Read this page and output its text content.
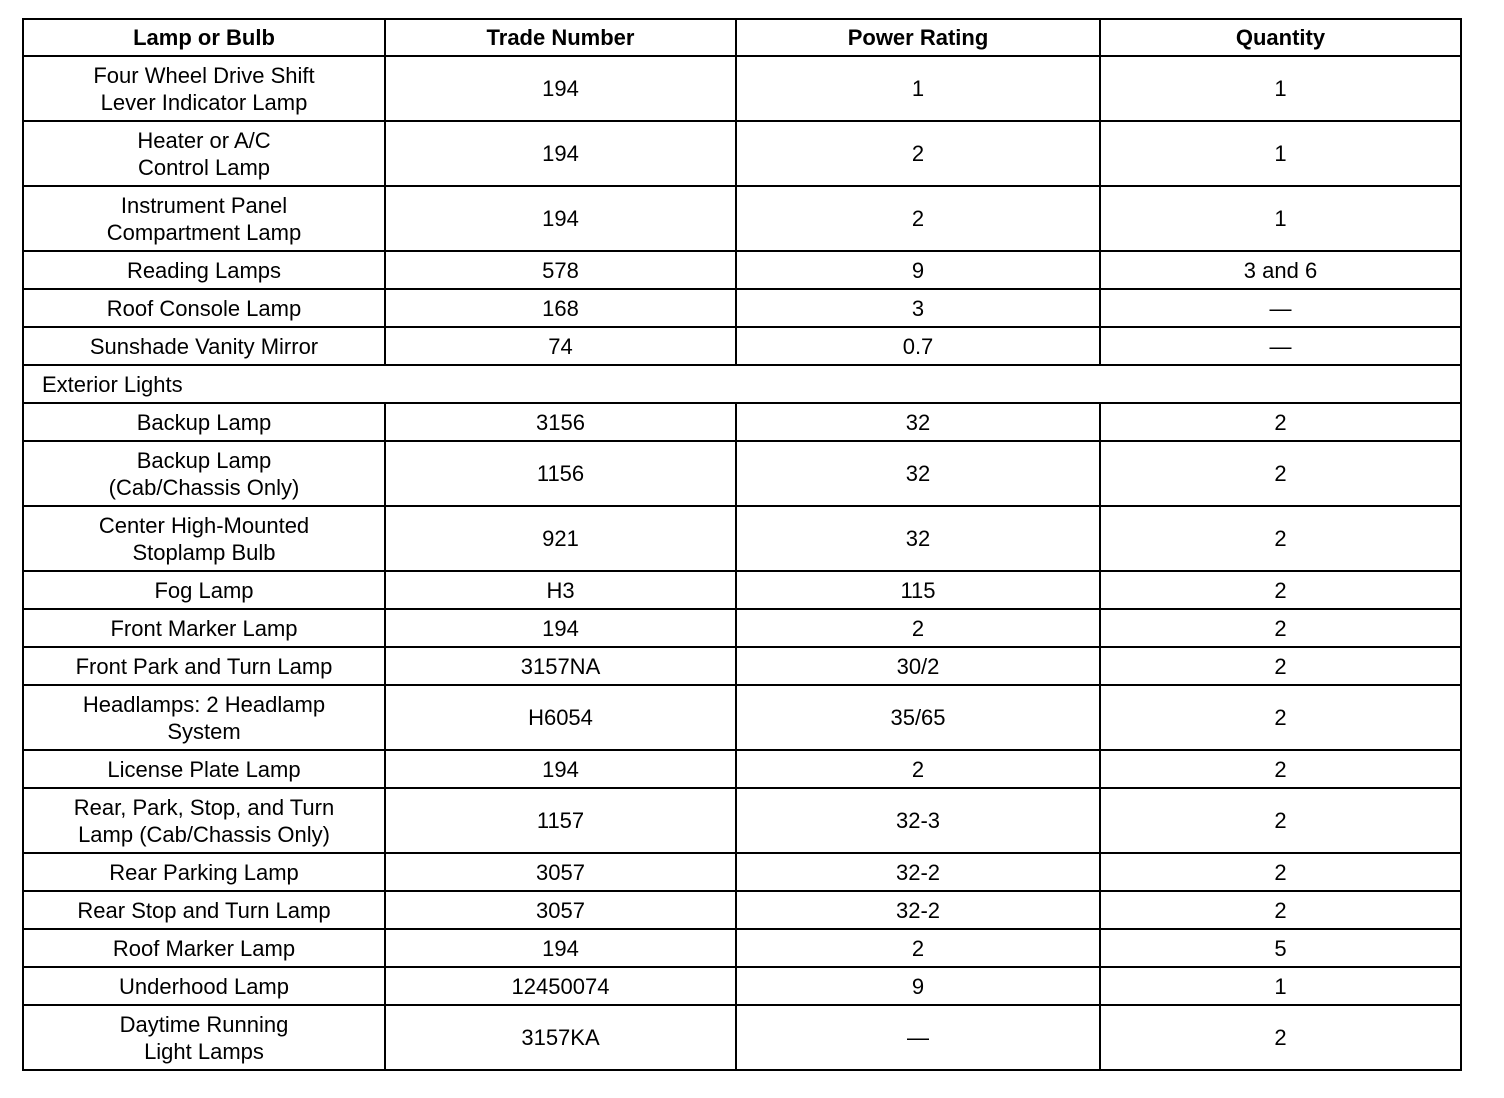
Lamp or Bulb	Trade Number	Power Rating	Quantity
Four Wheel Drive Shift
Lever Indicator Lamp	194	1	1
Heater or A/C
Control Lamp	194	2	1
Instrument Panel
Compartment Lamp	194	2	1
Reading Lamps	578	9	3 and 6
Roof Console Lamp	168	3	—
Sunshade Vanity Mirror	74	0.7	—
Exterior Lights			
Backup Lamp	3156	32	2
Backup Lamp
(Cab/Chassis Only)	1156	32	2
Center High-Mounted
Stoplamp Bulb	921	32	2
Fog Lamp	H3	115	2
Front Marker Lamp	194	2	2
Front Park and Turn Lamp	3157NA	30/2	2
Headlamps: 2 Headlamp
System	H6054	35/65	2
License Plate Lamp	194	2	2
Rear, Park, Stop, and Turn
Lamp (Cab/Chassis Only)	1157	32-3	2
Rear Parking Lamp	3057	32-2	2
Rear Stop and Turn Lamp	3057	32-2	2
Roof Marker Lamp	194	2	5
Underhood Lamp	12450074	9	1
Daytime Running
Light Lamps	3157KA	—	2
